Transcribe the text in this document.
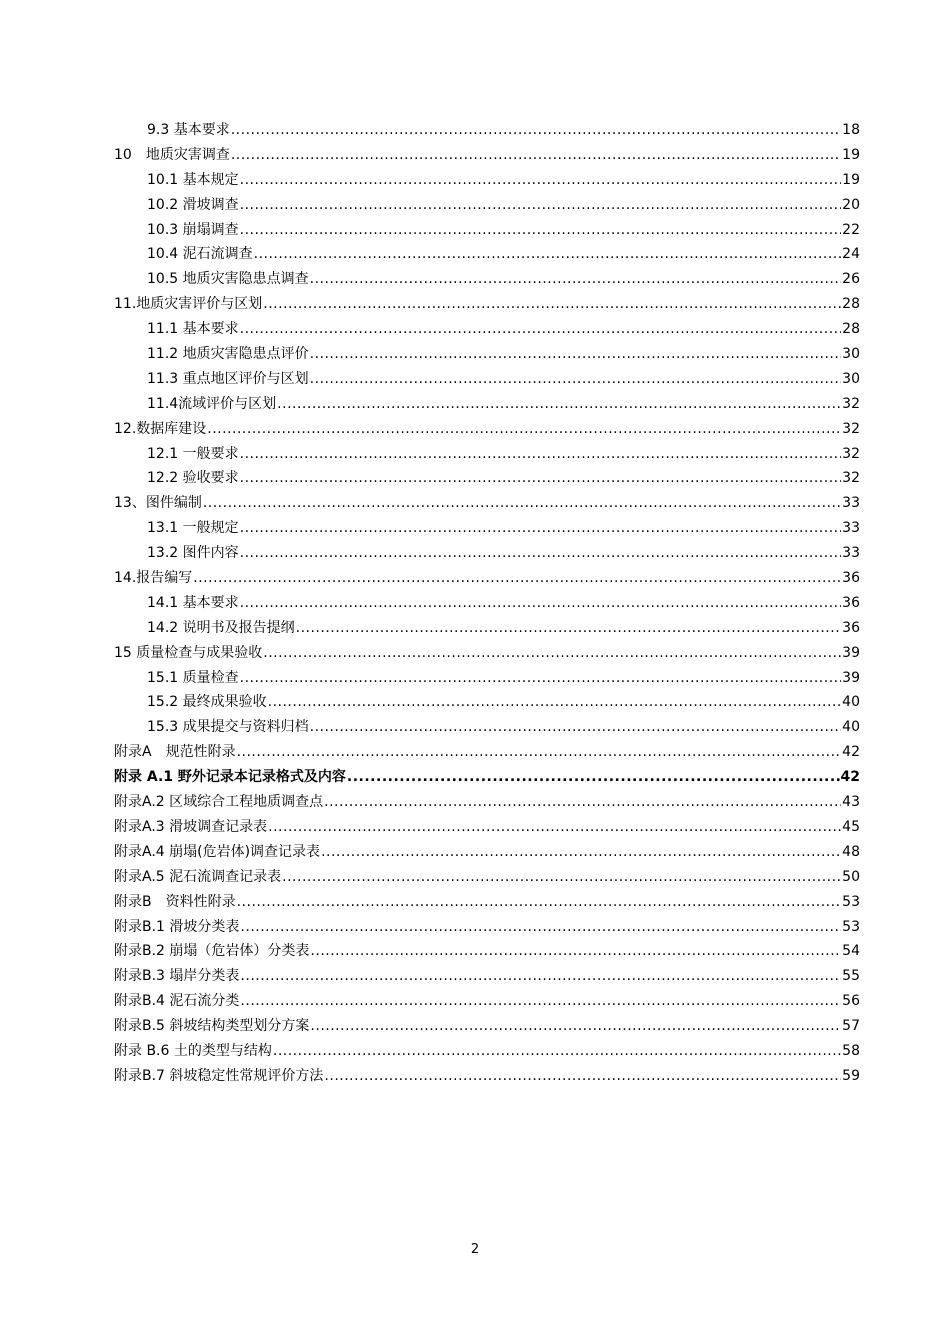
9.3 基本要求 .....	18
10　地质灾害调查 .....	19
10.1 基本规定 .....	19
10.2 滑坡调查 .....	20
10.3 崩塌调查 .....	22
10.4 泥石流调查 .....	24
10.5 地质灾害隐患点调查 .....	26
11.地质灾害评价与区划 .....	28
11.1 基本要求 .....	28
11.2 地质灾害隐患点评价 .....	30
11.3 重点地区评价与区划 .....	30
11.4流域评价与区划 .....	32
12.数据库建设 .....	32
12.1 一般要求 .....	32
12.2 验收要求 .....	32
13、图件编制 .....	33
13.1 一般规定 .....	33
13.2 图件内容 .....	33
14.报告编写 .....	36
14.1 基本要求 .....	36
14.2 说明书及报告提纲 .....	36
15 质量检查与成果验收 .....	39
15.1 质量检查 .....	39
15.2 最终成果验收 .....	40
15.3 成果提交与资料归档 .....	40
附录A　规范性附录 .....	42
附录 A.1 野外记录本记录格式及内容 .....	42
附录A.2 区域综合工程地质调查点 .....	43
附录A.3 滑坡调查记录表 .....	45
附录A.4 崩塌(危岩体)调查记录表 .....	48
附录A.5 泥石流调查记录表 .....	50
附录B　资料性附录 .....	53
附录B.1 滑坡分类表 .....	53
附录B.2 崩塌（危岩体）分类表 .....	54
附录B.3 塌岸分类表 .....	55
附录B.4 泥石流分类 .....	56
附录B.5 斜坡结构类型划分方案 .....	57
附录 B.6 土的类型与结构 .....	58
附录B.7 斜坡稳定性常规评价方法 .....	59
2
